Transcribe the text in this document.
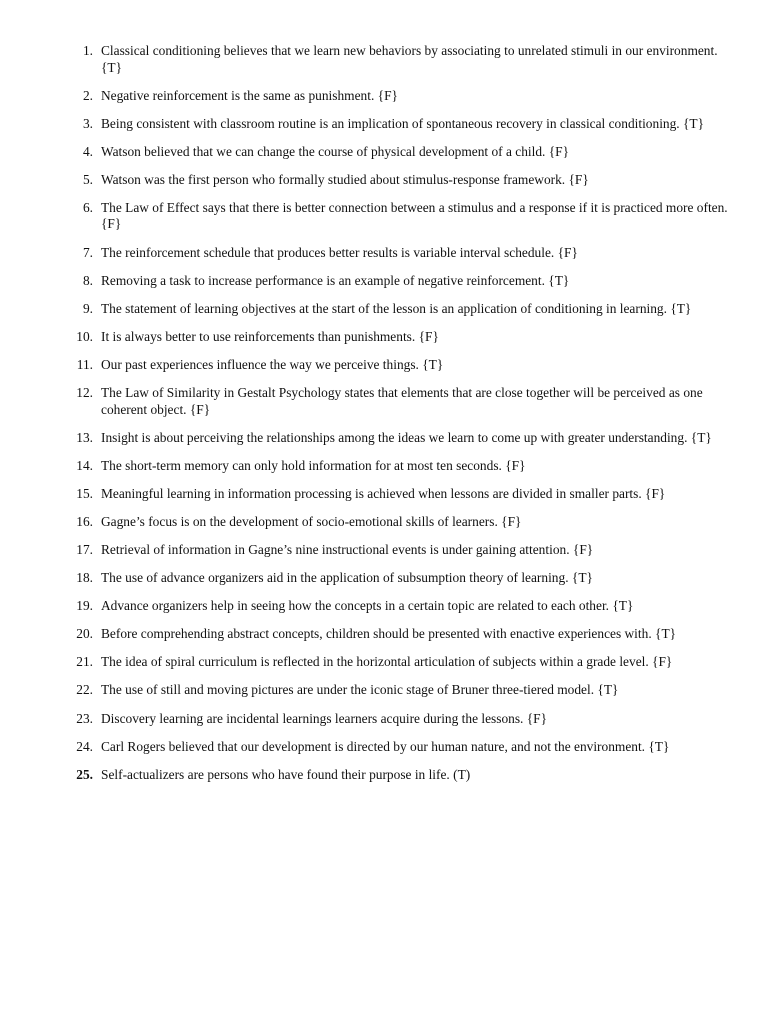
1. Classical conditioning believes that we learn new behaviors by associating to unrelated stimuli in our environment. {T}
2. Negative reinforcement is the same as punishment. {F}
3. Being consistent with classroom routine is an implication of spontaneous recovery in classical conditioning. {T}
4. Watson believed that we can change the course of physical development of a child. {F}
5. Watson was the first person who formally studied about stimulus-response framework. {F}
6. The Law of Effect says that there is better connection between a stimulus and a response if it is practiced more often. {F}
7. The reinforcement schedule that produces better results is variable interval schedule. {F}
8. Removing a task to increase performance is an example of negative reinforcement. {T}
9. The statement of learning objectives at the start of the lesson is an application of conditioning in learning. {T}
10. It is always better to use reinforcements than punishments. {F}
11. Our past experiences influence the way we perceive things. {T}
12. The Law of Similarity in Gestalt Psychology states that elements that are close together will be perceived as one coherent object. {F}
13. Insight is about perceiving the relationships among the ideas we learn to come up with greater understanding. {T}
14. The short-term memory can only hold information for at most ten seconds. {F}
15. Meaningful learning in information processing is achieved when lessons are divided in smaller parts. {F}
16. Gagne’s focus is on the development of socio-emotional skills of learners. {F}
17. Retrieval of information in Gagne’s nine instructional events is under gaining attention. {F}
18. The use of advance organizers aid in the application of subsumption theory of learning. {T}
19. Advance organizers help in seeing how the concepts in a certain topic are related to each other. {T}
20. Before comprehending abstract concepts, children should be presented with enactive experiences with. {T}
21. The idea of spiral curriculum is reflected in the horizontal articulation of subjects within a grade level. {F}
22. The use of still and moving pictures are under the iconic stage of Bruner three-tiered model. {T}
23. Discovery learning are incidental learnings learners acquire during the lessons. {F}
24. Carl Rogers believed that our development is directed by our human nature, and not the environment. {T}
25. Self-actualizers are persons who have found their purpose in life. (T)
